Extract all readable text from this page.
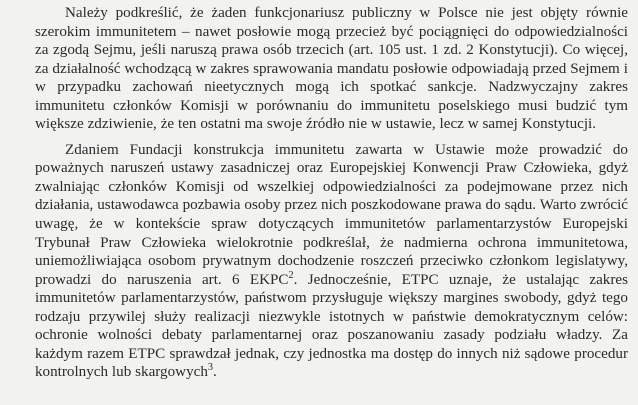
Należy podkreślić, że żaden funkcjonariusz publiczny w Polsce nie jest objęty równie szerokim immunitetem – nawet posłowie mogą przecież być pociągnięci do odpowiedzialności za zgodą Sejmu, jeśli naruszą prawa osób trzecich (art. 105 ust. 1 zd. 2 Konstytucji). Co więcej, za działalność wchodzącą w zakres sprawowania mandatu posłowie odpowiadają przed Sejmem i w przypadku zachowań nieetycznych mogą ich spotkać sankcje. Nadzwyczajny zakres immunitetu członków Komisji w porównaniu do immunitetu poselskiego musi budzić tym większe zdziwienie, że ten ostatni ma swoje źródło nie w ustawie, lecz w samej Konstytucji.

Zdaniem Fundacji konstrukcja immunitetu zawarta w Ustawie może prowadzić do poważnych naruszeń ustawy zasadniczej oraz Europejskiej Konwencji Praw Człowieka, gdyż zwalniając członków Komisji od wszelkiej odpowiedzialności za podejmowane przez nich działania, ustawodawca pozbawia osoby przez nich poszkodowane prawa do sądu. Warto zwrócić uwagę, że w kontekście spraw dotyczących immunitetów parlamentarzystów Europejski Trybunał Praw Człowieka wielokrotnie podkreślał, że nadmierna ochrona immunitetowa, uniemożliwiająca osobom prywatnym dochodzenie roszczeń przeciwko członkom legislatywy, prowadzi do naruszenia art. 6 EKPC$^2$. Jednocześnie, ETPC uznaje, że ustalając zakres immunitetów parlamentarzystów, państwom przysługuje większy margines swobody, gdyż tego rodzaju przywilej służy realizacji niezwykle istotnych w państwie demokratycznym celów: ochronie wolności debaty parlamentarnej oraz poszanowaniu zasady podziału władzy. Za każdym razem ETPC sprawdzał jednak, czy jednostka ma dostęp do innych niż sądowe procedur kontrolnych lub skargowych$^3$.
